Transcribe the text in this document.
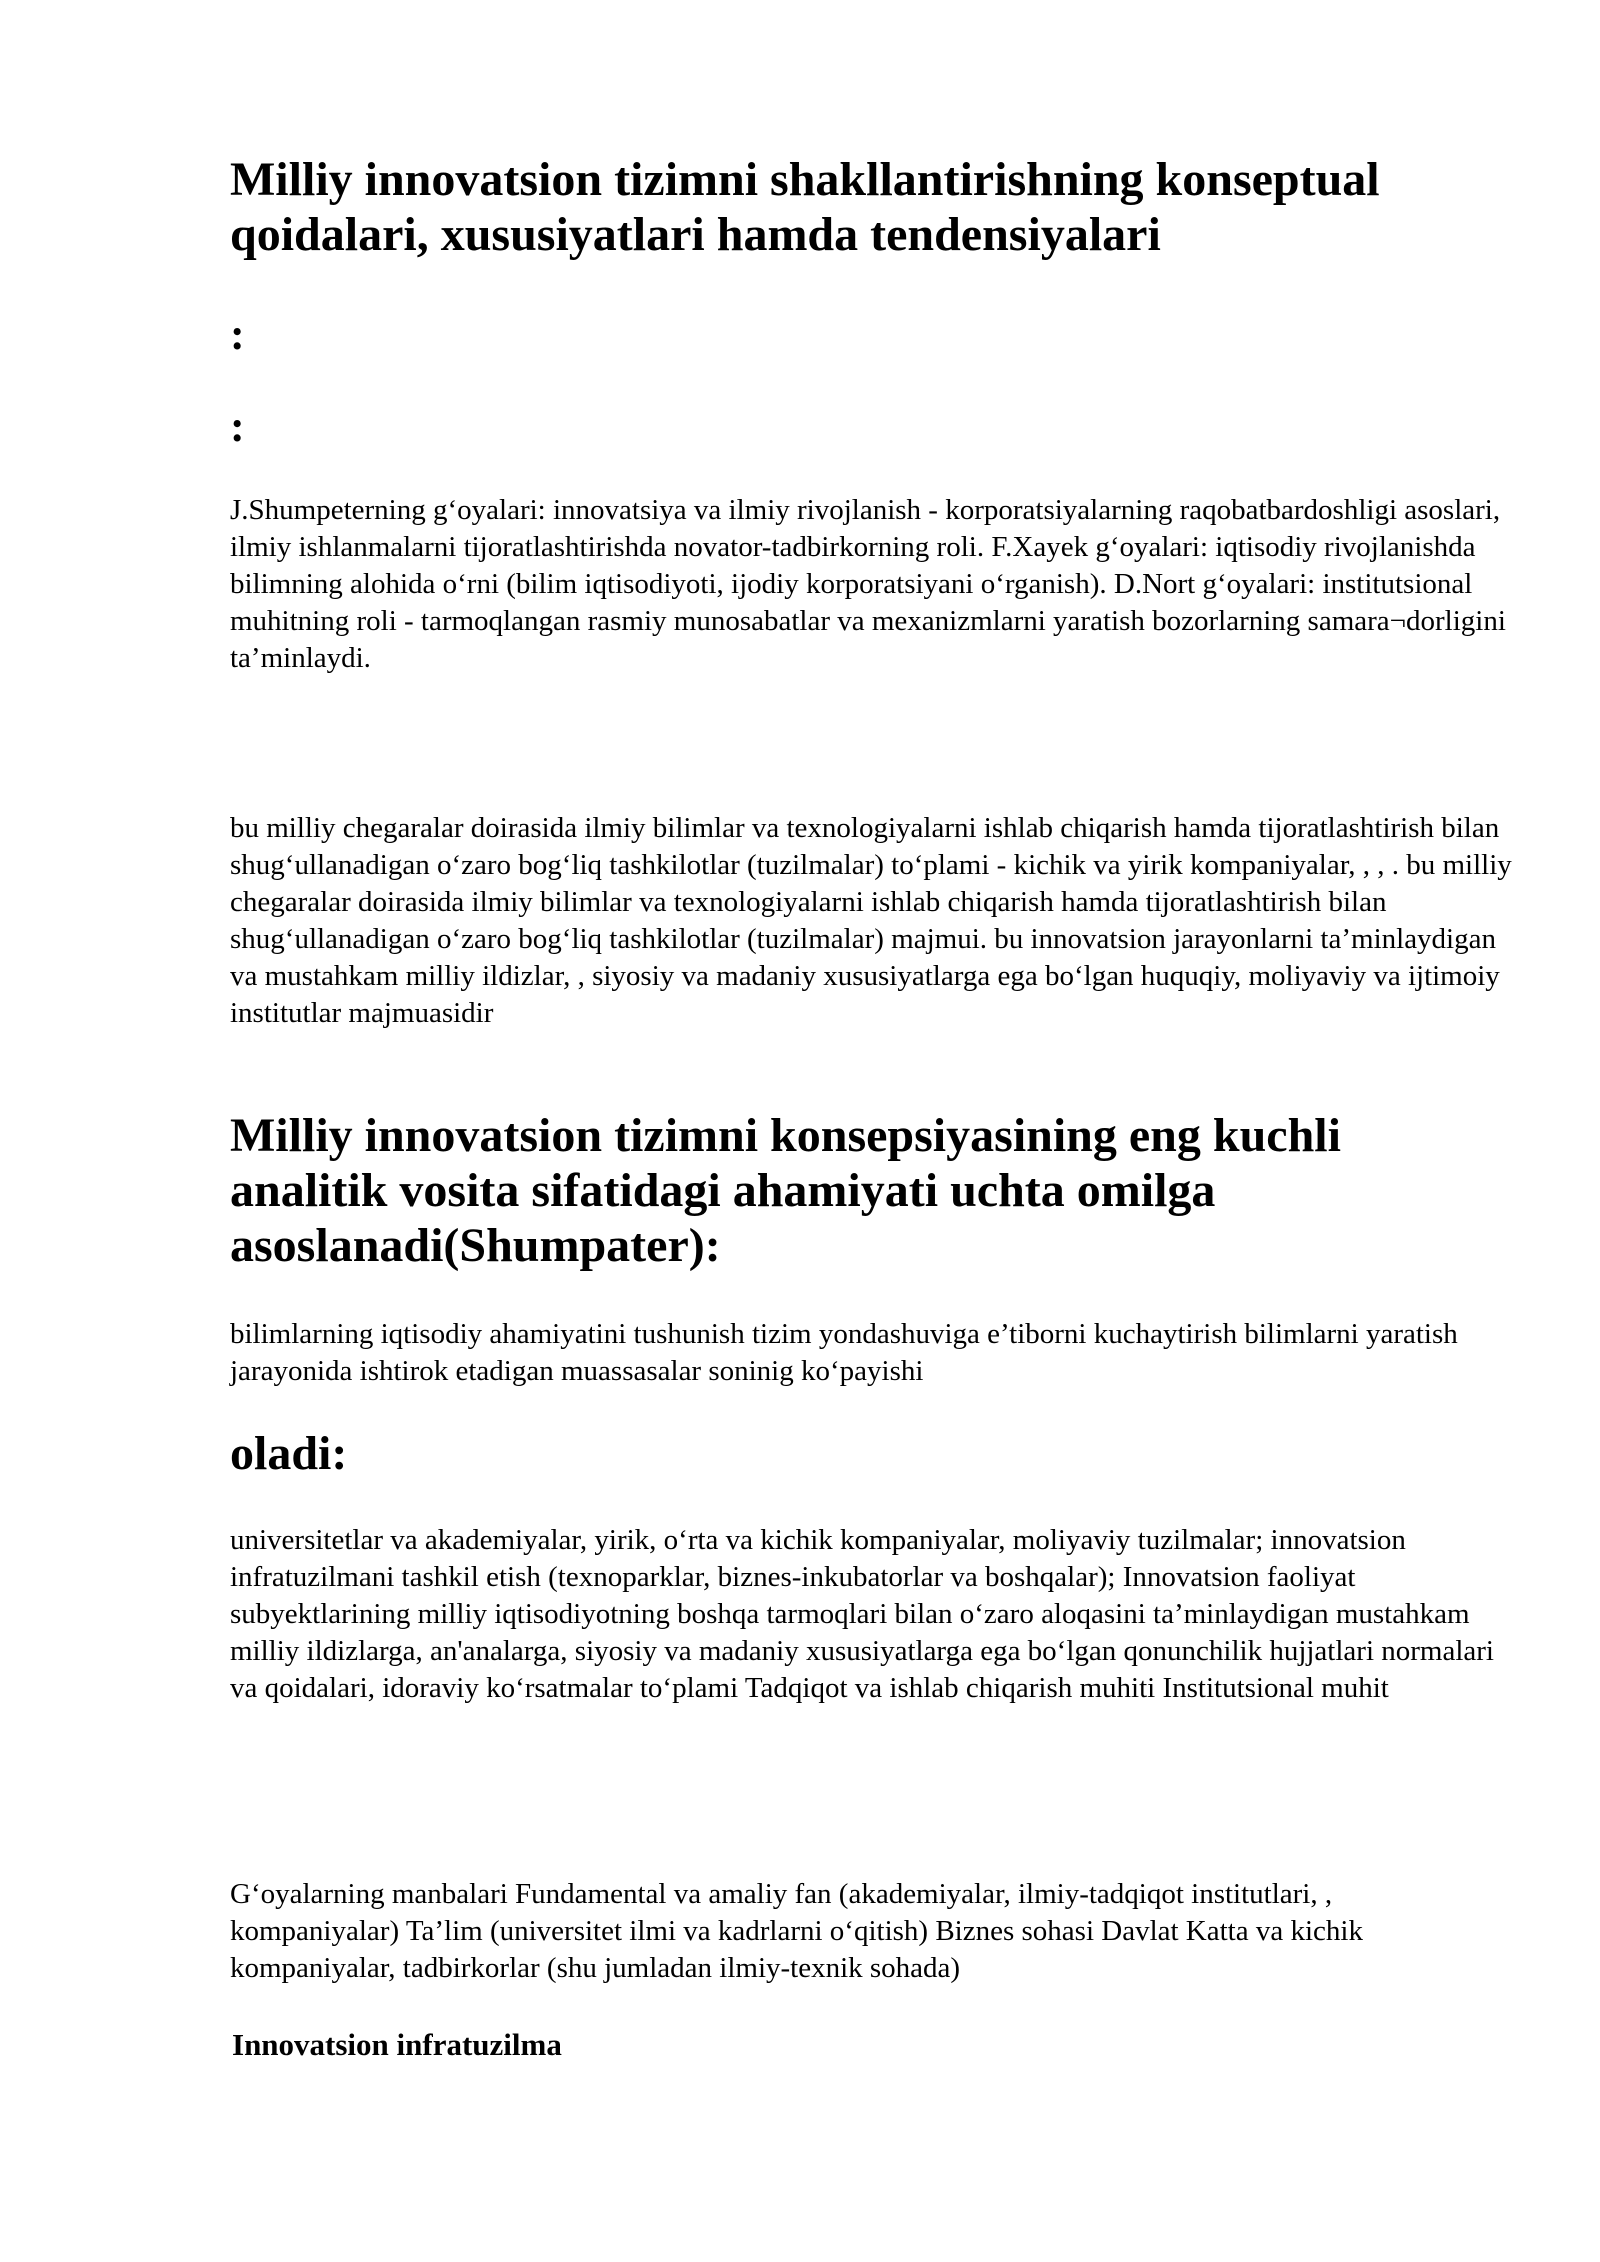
Milliy innovatsion tizimni shakllantirishning konseptual qoidalari, xususiyatlari hamda tendensiyalari
:
:

J.Shumpeterning g‘oyalari: innovatsiya va ilmiy rivojlanish - korporatsiyalarning raqobatbardoshligi asoslari, ilmiy ishlanmalarni tijoratlashtirishda novator-tadbirkorning roli. F.Xayek g‘oyalari: iqtisodiy rivojlanishda bilimning alohida o‘rni (bilim iqtisodiyoti, ijodiy korporatsiyani o‘rganish). D.Nort g‘oyalari: institutsional muhitning roli - tarmoqlangan rasmiy munosabatlar va mexanizmlarni yaratish bozorlarning samara¬dorligini ta’minlaydi.

bu milliy chegaralar doirasida ilmiy bilimlar va texnologiyalarni ishlab chiqarish hamda tijoratlashtirish bilan shug‘ullanadigan o‘zaro bog‘liq tashkilotlar (tuzilmalar) to‘plami - kichik va yirik kompaniyalar, , , . bu milliy chegaralar doirasida ilmiy bilimlar va texnologiyalarni ishlab chiqarish hamda tijoratlashtirish bilan shug‘ullanadigan o‘zaro bog‘liq tashkilotlar (tuzilmalar) majmui. bu innovatsion jarayonlarni ta’minlaydigan va mustahkam milliy ildizlar, , siyosiy va madaniy xususiyatlarga ega bo‘lgan huquqiy, moliyaviy va ijtimoiy institutlar majmuasidir

Milliy innovatsion tizimni konsepsiyasining eng kuchli analitik vosita sifatidagi ahamiyati uchta omilga asoslanadi(Shumpater):

bilimlarning iqtisodiy ahamiyatini tushunish tizim yondashuviga e’tiborni kuchaytirish bilimlarni yaratish jarayonida ishtirok etadigan muassasalar soninig ko‘payishi

oladi:

universitetlar va akademiyalar, yirik, o‘rta va kichik kompaniyalar, moliyaviy tuzilmalar; innovatsion infratuzilmani tashkil etish (texnoparklar, biznes-inkubatorlar va boshqalar); Innovatsion faoliyat subyektlarining milliy iqtisodiyotning boshqa tarmoqlari bilan o‘zaro aloqasini ta’minlaydigan mustahkam milliy ildizlarga, an'analarga, siyosiy va madaniy xususiyatlarga ega bo‘lgan qonunchilik hujjatlari normalari va qoidalari, idoraviy ko‘rsatmalar to‘plami Tadqiqot va ishlab chiqarish muhiti Institutsional muhit

G‘oyalarning manbalari Fundamental va amaliy fan (akademiyalar, ilmiy-tadqiqot institutlari, , kompaniyalar) Ta’lim (universitet ilmi va kadrlarni o‘qitish) Biznes sohasi Davlat Katta va kichik kompaniyalar, tadbirkorlar (shu jumladan ilmiy-texnik sohada)

Innovatsion infratuzilma
